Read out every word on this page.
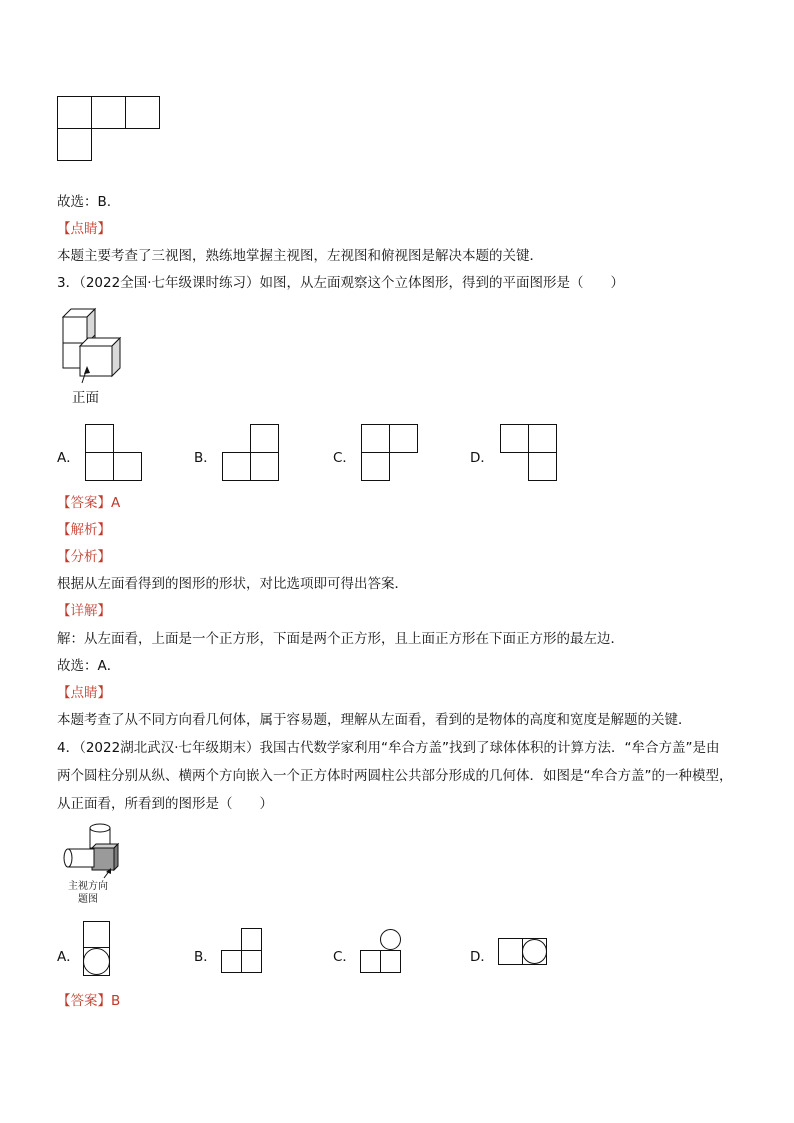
故选：B.
【点睛】
本题主要考查了三视图，熟练地掌握主视图，左视图和俯视图是解决本题的关键．
3．（2022全国·七年级课时练习）如图，从左面观察这个立体图形，得到的平面图形是（　　）
正面
A．	B．	C．	D．
【答案】A
【解析】
【分析】
根据从左面看得到的图形的形状，对比选项即可得出答案．
【详解】
解：从左面看，上面是一个正方形，下面是两个正方形，且上面正方形在下面正方形的最左边．
故选：A．
【点睛】
本题考查了从不同方向看几何体，属于容易题，理解从左面看，看到的是物体的高度和宽度是解题的关键．
4．（2022湖北武汉·七年级期末）我国古代数学家利用“牟合方盖”找到了球体体积的计算方法．“牟合方盖”是由
两个圆柱分别从纵、横两个方向嵌入一个正方体时两圆柱公共部分形成的几何体．如图是“牟合方盖”的一种模型，
从正面看，所看到的图形是（　　）
主视方向
题图
A．	B．	C．	D．
【答案】B
